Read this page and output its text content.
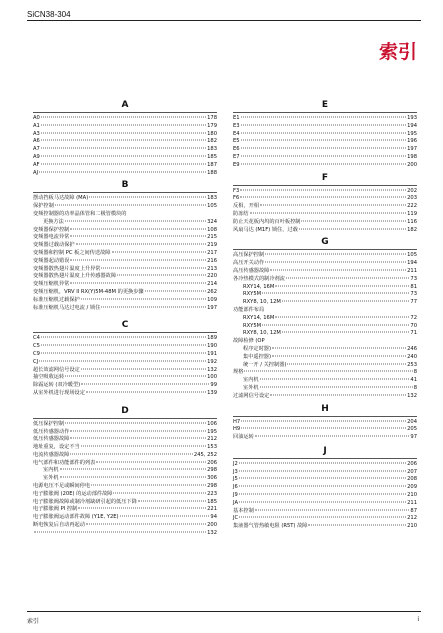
SiCN38-304
索引
A
A0	178
A1	179
A3	180
A6	182
A7	183
A9	185
AF	187
AJ	188
B
摆动挡板马达故障 (MA)	183
保护控制	105
变频控制器的功率晶体管和二极管模块的
更换方法	324
变频器保护控制	108
变频器电流异常	215
变频器过载动保护	219
变频器和控制 PC 板之间传送故障	217
变频器起动错误	216
变频器散热翅片温度上升异常	213
变频器散热翅片温度上升传感器故障	220
变频压缩机异常	214
变频压缩机，VRV II RX(Y)5M-48M 的更换步骤	262
标准压缩机过载保护	109
标准压缩机马达过电流 / 锁住	197
C
C4	189
C5	190
C9	191
CJ	192
超长效滤网信号设定	132
抽空吸收运转	100
除霜运转 (双冷暖型)	99
从室外机进行现场设定	139
D
低压保护控制	106
低压传感器动作	195
低压传感器故障	212
地址重复，设定不当	153
电流传感器故障	245, 252
电气部件和功能部件的列表	206
室内机	298
室外机	306
电源电压不足或瞬间停电	298
电子膨胀阀 (20E) 的运动部件故障	223
电子膨胀阀故障或制冷剂缺研引起的低压下降	185
电子膨胀阀 PI 控制	221
电子膨胀阀运动部件故障 (Y1E, Y2E)	94
断电恢复后自动再起动	200
132
E
E1	193
E3	194
E4	195
E5	196
E6	197
E7	198
E9	200
F
F3	202
F6	203
反相，开相	222
防冻结	119
防止天花板内坞的百叶板控制	116
风扇马达 (M1F) 锁住，过载	182
G
高压保护控制	105
高压开关动作	194
高压传感器故障	211
各冷热模式的制冷剂流	73
RXY14, 16M	81
RXY5M	73
RXY8, 10, 12M	77
功能部件布局
RXY14, 16M	72
RXY5M	70
RXY8, 10, 12M	71
故障检修 (OP
程序定时器)	246
集中遥控器)	240
统一开 / 关控制器)	253
规格	8
室内机	41
室外机	8
过滤网信号设定	132
H
H7	204
H9	205
回油运转	97
J
J2	206
J3	207
J5	208
J6	209
J9	210
JA	211
基本控制	87
JC	212
集液器气管热敏电阻 (R5T) 故障	210
索引	i
